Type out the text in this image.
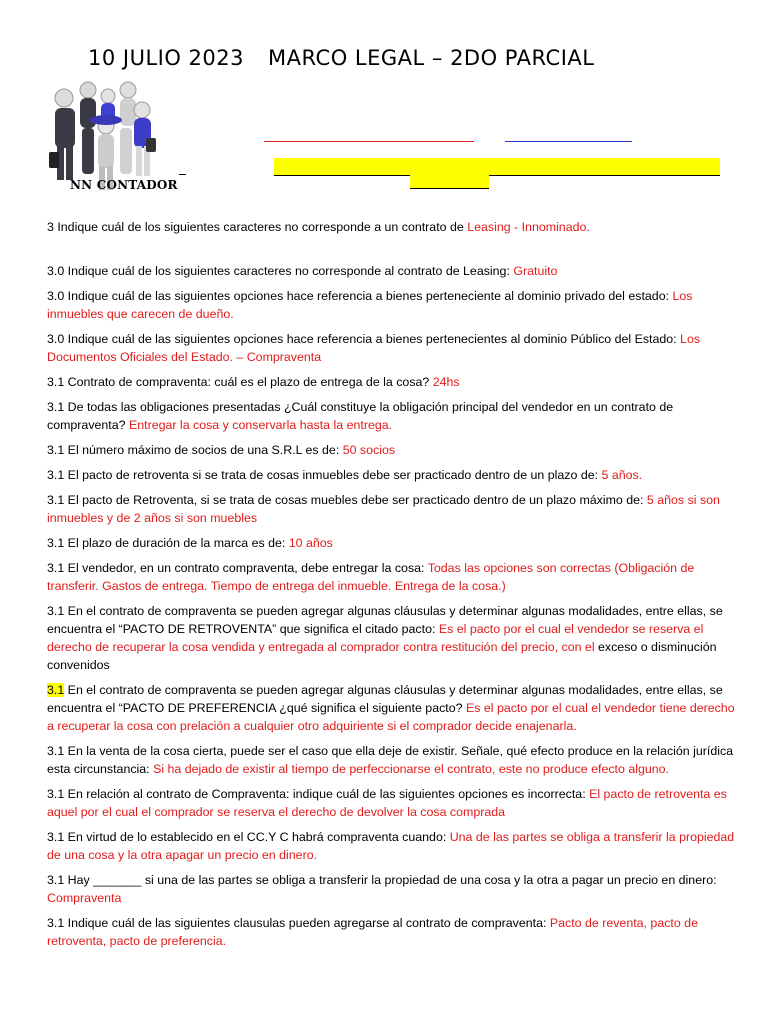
10 JULIO 2023 MARCO LEGAL – 2DO PARCIAL
NN CONTADOR

3 Indique cuál de los siguientes caracteres no corresponde a un contrato de Leasing - Innominado.

3.0 Indique cuál de los siguientes caracteres no corresponde al contrato de Leasing: Gratuito

3.0 Indique cuál de las siguientes opciones hace referencia a bienes perteneciente al dominio privado del estado: Los inmuebles que carecen de dueño.

3.0 Indique cuál de las siguientes opciones hace referencia a bienes pertenecientes al dominio Público del Estado: Los Documentos Oficiales del Estado. – Compraventa

3.1 Contrato de compraventa: cuál es el plazo de entrega de la cosa? 24hs

3.1 De todas las obligaciones presentadas ¿Cuál constituye la obligación principal del vendedor en un contrato de compraventa? Entregar la cosa y conservarla hasta la entrega.

3.1 El número máximo de socios de una S.R.L es de: 50 socios

3.1 El pacto de retroventa si se trata de cosas inmuebles debe ser practicado dentro de un plazo de: 5 años.

3.1 El pacto de Retroventa, si se trata de cosas muebles debe ser practicado dentro de un plazo máximo de: 5 años si son inmuebles y de 2 años si son muebles

3.1 El plazo de duración de la marca es de: 10 años

3.1 El vendedor, en un contrato compraventa, debe entregar la cosa: Todas las opciones son correctas (Obligación de transferir. Gastos de entrega. Tiempo de entrega del inmueble. Entrega de la cosa.)

3.1 En el contrato de compraventa se pueden agregar algunas cláusulas y determinar algunas modalidades, entre ellas, se encuentra el “PACTO DE RETROVENTA” que significa el citado pacto: Es el pacto por el cual el vendedor se reserva el derecho de recuperar la cosa vendida y entregada al comprador contra restitución del precio, con el exceso o disminución convenidos

3.1 En el contrato de compraventa se pueden agregar algunas cláusulas y determinar algunas modalidades, entre ellas, se encuentra el “PACTO DE PREFERENCIA ¿qué significa el siguiente pacto? Es el pacto por el cual el vendedor tiene derecho a recuperar la cosa con prelación a cualquier otro adquiriente si el comprador decide enajenarla.

3.1 En la venta de la cosa cierta, puede ser el caso que ella deje de existir. Señale, qué efecto produce en la relación jurídica esta circunstancia: Si ha dejado de existir al tiempo de perfeccionarse el contrato, este no produce efecto alguno.

3.1 En relación al contrato de Compraventa: indique cuál de las siguientes opciones es incorrecta: El pacto de retroventa es aquel por el cual el comprador se reserva el derecho de devolver la cosa comprada

3.1 En virtud de lo establecido en el CC.Y C habrá compraventa cuando: Una de las partes se obliga a transferir la propiedad de una cosa y la otra apagar un precio en dinero.

3.1 Hay _______ si una de las partes se obliga a transferir la propiedad de una cosa y la otra a pagar un precio en dinero: Compraventa

3.1 Indique cuál de las siguientes clausulas pueden agregarse al contrato de compraventa: Pacto de reventa, pacto de retroventa, pacto de preferencia.
